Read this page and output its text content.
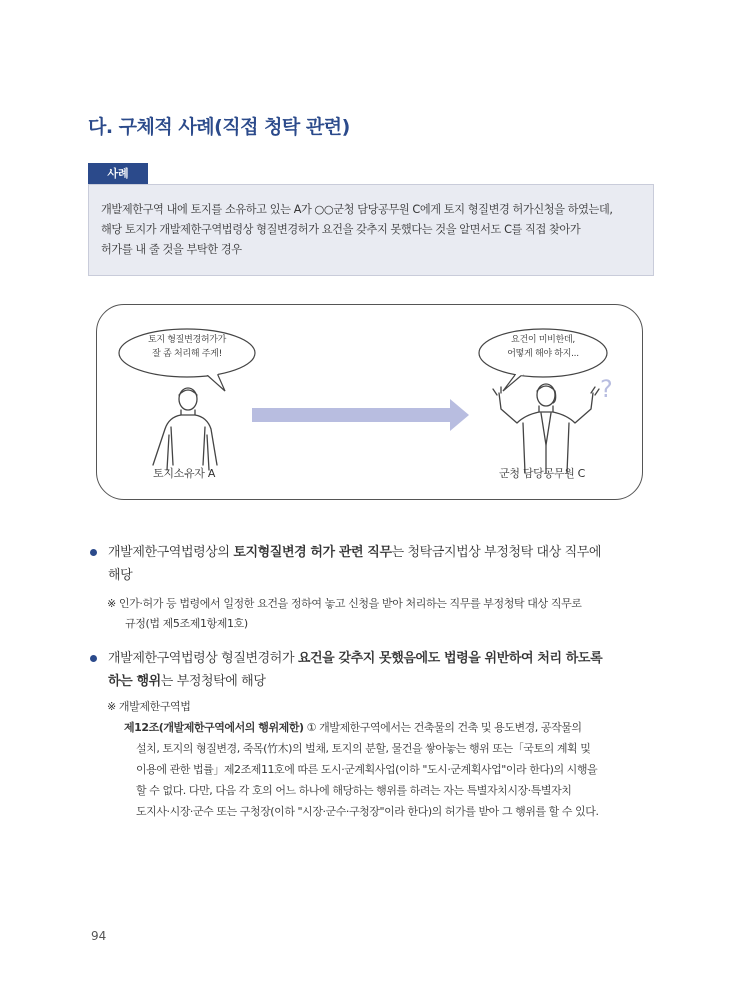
다. 구체적 사례(직접 청탁 관련)
사례

개발제한구역 내에 토지를 소유하고 있는 A가 ○○군청 담당공무원 C에게 토지 형질변경 허가신청을 하였는데,

해당 토지가 개발제한구역법령상 형질변경허가 요건을 갖추지 못했다는 것을 알면서도 C를 직접 찾아가

허가를 내 줄 것을 부탁한 경우

?
토지 형질변경허가가
잘 좀 처리해 주게!
요건이 미비한데,
어떻게 해야 하지...
토지소유자 A	군청 담당공무원 C
개발제한구역법령상의 토지형질변경 허가 관련 직무는 청탁금지법상 부정청탁 대상 직무에
해당
※ 인가·허가 등 법령에서 일정한 요건을 정하여 놓고 신청을 받아 처리하는 직무를 부정청탁 대상 직무로
규정(법 제5조제1항제1호)
개발제한구역법령상 형질변경허가 요건을 갖추지 못했음에도 법령을 위반하여 처리 하도록
하는 행위는 부정청탁에 해당
※ 개발제한구역법

제12조(개발제한구역에서의 행위제한) ① 개발제한구역에서는 건축물의 건축 및 용도변경, 공작물의

설치, 토지의 형질변경, 죽목(竹木)의 벌채, 토지의 분할, 물건을 쌓아놓는 행위 또는「국토의 계획 및

이용에 관한 법률」제2조제11호에 따른 도시·군계획사업(이하 "도시·군계획사업"이라 한다)의 시행을

할 수 없다. 다만, 다음 각 호의 어느 하나에 해당하는 행위를 하려는 자는 특별자치시장·특별자치

도지사·시장·군수 또는 구청장(이하 "시장·군수·구청장"이라 한다)의 허가를 받아 그 행위를 할 수 있다.

94
